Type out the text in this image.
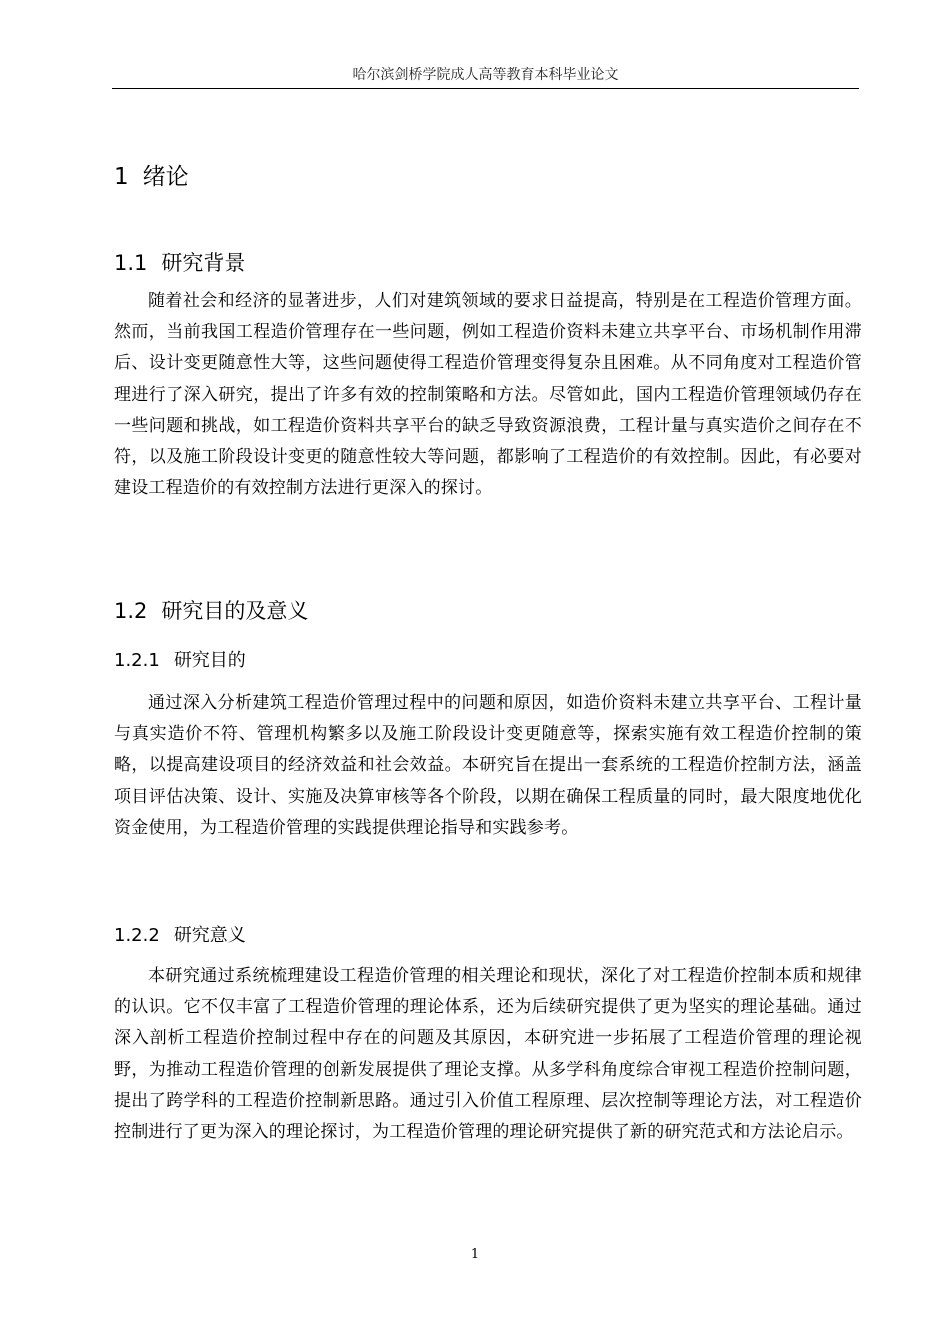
哈尔滨剑桥学院成人高等教育本科毕业论文
1 绪论
1.1 研究背景

随着社会和经济的显著进步，人们对建筑领域的要求日益提高，特别是在工程造价管理方面。然而，当前我国工程造价管理存在一些问题，例如工程造价资料未建立共享平台、市场机制作用滞后、设计变更随意性大等，这些问题使得工程造价管理变得复杂且困难。从不同角度对工程造价管理进行了深入研究，提出了许多有效的控制策略和方法。尽管如此，国内工程造价管理领域仍存在一些问题和挑战，如工程造价资料共享平台的缺乏导致资源浪费，工程计量与真实造价之间存在不符，以及施工阶段设计变更的随意性较大等问题，都影响了工程造价的有效控制。因此，有必要对建设工程造价的有效控制方法进行更深入的探讨。

1.2 研究目的及意义
1.2.1 研究目的

通过深入分析建筑工程造价管理过程中的问题和原因，如造价资料未建立共享平台、工程计量与真实造价不符、管理机构繁多以及施工阶段设计变更随意等，探索实施有效工程造价控制的策略，以提高建设项目的经济效益和社会效益。本研究旨在提出一套系统的工程造价控制方法，涵盖项目评估决策、设计、实施及决算审核等各个阶段，以期在确保工程质量的同时，最大限度地优化资金使用，为工程造价管理的实践提供理论指导和实践参考。

1.2.2 研究意义

本研究通过系统梳理建设工程造价管理的相关理论和现状，深化了对工程造价控制本质和规律的认识。它不仅丰富了工程造价管理的理论体系，还为后续研究提供了更为坚实的理论基础。通过深入剖析工程造价控制过程中存在的问题及其原因，本研究进一步拓展了工程造价管理的理论视野，为推动工程造价管理的创新发展提供了理论支撑。从多学科角度综合审视工程造价控制问题，提出了跨学科的工程造价控制新思路。通过引入价值工程原理、层次控制等理论方法，对工程造价控制进行了更为深入的理论探讨，为工程造价管理的理论研究提供了新的研究范式和方法论启示。

1
